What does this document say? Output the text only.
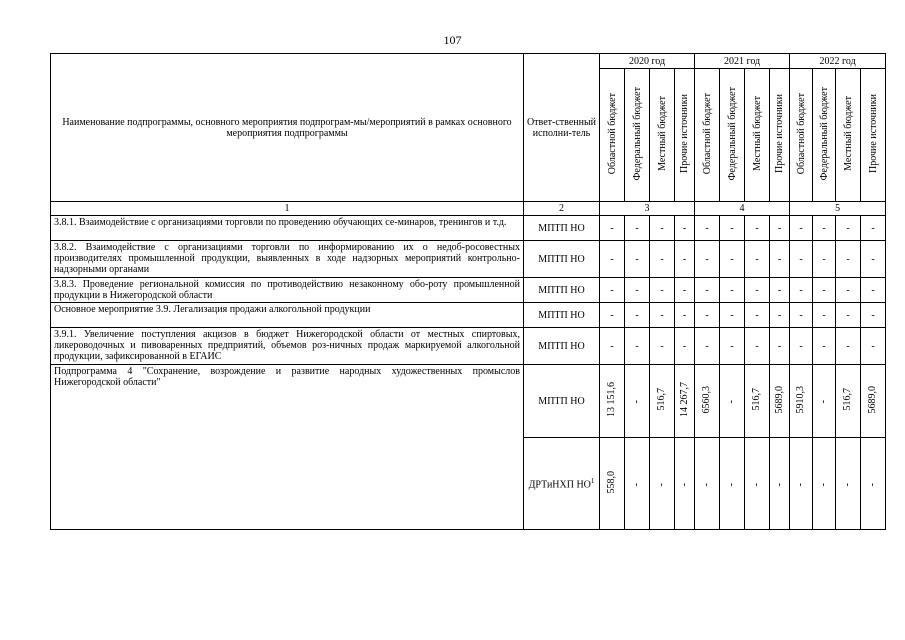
107
Наименование подпрограммы, основного мероприятия подпрограм-мы/мероприятий в рамках основного мероприятия подпрограммы	Ответ-ственный исполни-тель	2020 год				2021 год				2022 год			
		Областной бюджет	Федеральный бюджет	Местный бюджет	Прочие источники	Областной бюджет	Федеральный бюджет	Местный бюджет	Прочие источники	Областной бюджет	Федеральный бюджет	Местный бюджет	Прочие источники
1	2	3				4				5			
3.8.1. Взаимодействие с организациями торговли по проведению обучающих се-минаров, тренингов и т.д.	МПТП НО	-	-	-	-	-	-	-	-	-	-	-	-
3.8.2. Взаимодействие с организациями торговли по информированию их о недоб-росовестных производителях промышленной продукции, выявленных в ходе надзорных мероприятий контрольно-надзорными органами	МПТП НО	-	-	-	-	-	-	-	-	-	-	-	-
3.8.3. Проведение региональной комиссия по противодействию незаконному обо-роту промышленной продукции в Нижегородской области	МПТП НО	-	-	-	-	-	-	-	-	-	-	-	-
Основное мероприятие 3.9. Легализация продажи алкогольной продукции	МПТП НО	-	-	-	-	-	-	-	-	-	-	-	-
3.9.1. Увеличение поступления акцизов в бюджет Нижегородской области от местных спиртовых, ликероводочных и пивоваренных предприятий, объемов роз-ничных продаж маркируемой алкогольной продукции, зафиксированной в ЕГАИС	МПТП НО	-	-	-	-	-	-	-	-	-	-	-	-
Подпрограмма 4 "Сохранение, возрождение и развитие народных художественных промыслов Нижегородской области"	МПТП НО	13 151,6	-	516,7	14 267,7	6560,3	-	516,7	5689,0	5910,3	-	516,7	5689,0
	ДРТиНХП $НО^1$	558,0	-	-	-	-	-	-	-	-	-	-	-
